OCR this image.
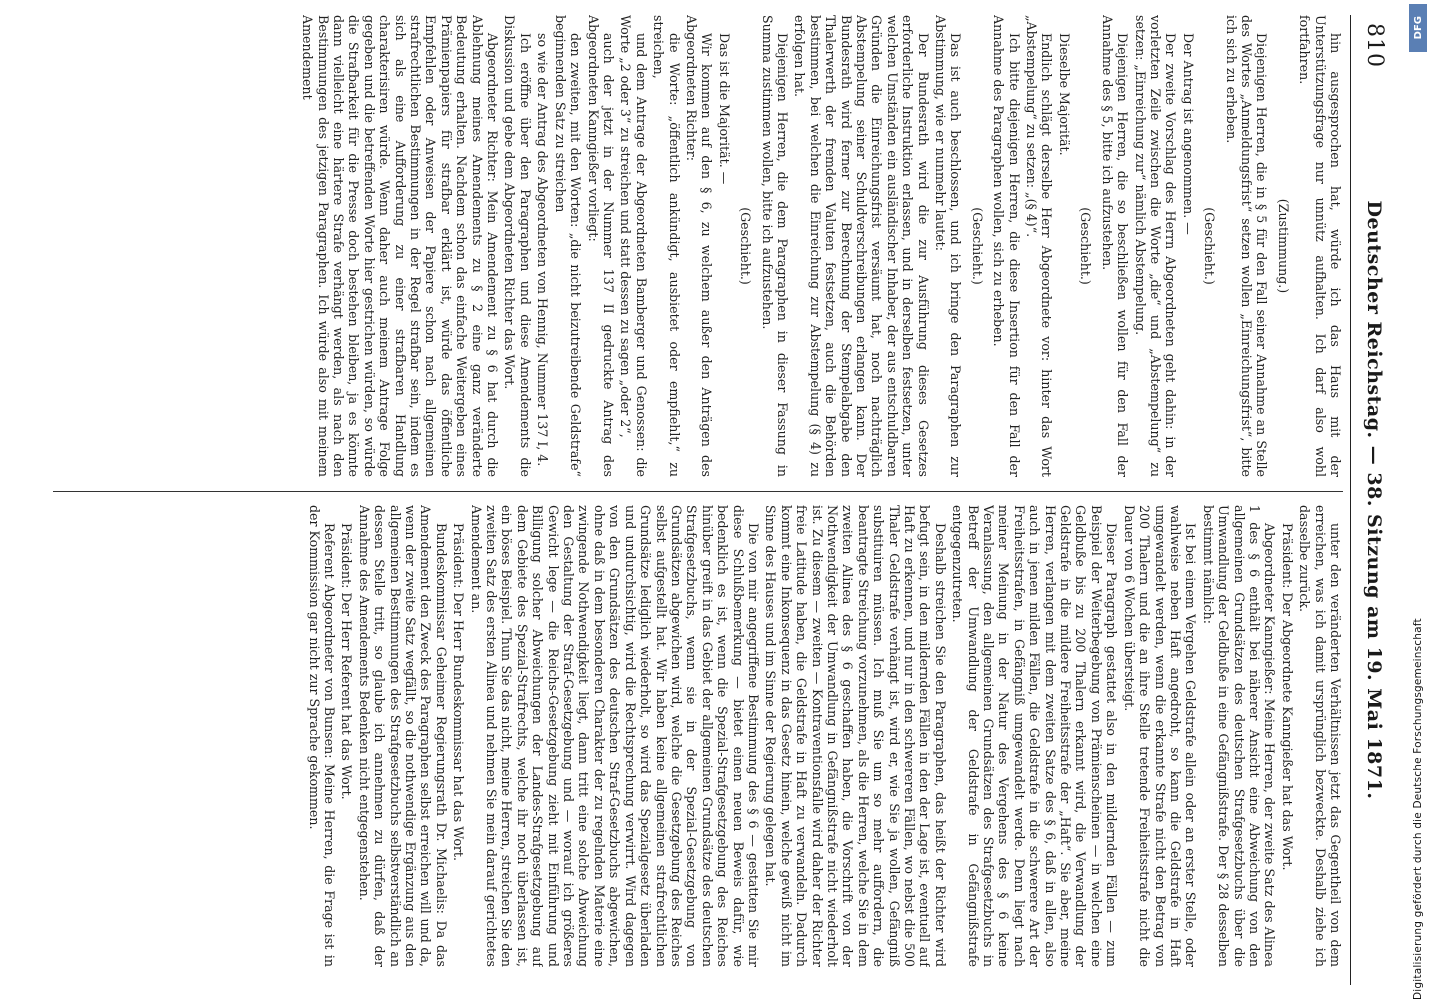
810
Deutscher Reichstag. — 38. Sitzung am 19. Mai 1871.

hin ausgesprochen hat, würde ich das Haus mit der Unterstützungsfrage nur unnütz aufhalten. Ich darf also wohl fortfahren.

(Zustimmung.)

Diejenigen Herren, die in § 5 für den Fall seiner Annahme an Stelle des Wortes „Anmeldungsfrist“ setzen wollen „Einreichungsfrist“, bitte ich sich zu erheben.

(Geschieht.)

Der Antrag ist angenommen. —

Der zweite Vorschlag des Herrn Abgeordneten geht dahin: in der vorletzten Zeile zwischen die Worte „die“ und „Abstempelung“ zu setzen: „Einreichung zur“ nämlich Abstempelung.

Diejenigen Herren, die so beschließen wollen für den Fall der Annahme des § 5, bitte ich aufzustehen.

(Geschieht.)

Dieselbe Majorität.

Endlich schlägt derselbe Herr Abgeordnete vor: hinter das Wort „Abstempelung“ zu setzen: „(§ 4)“.

Ich bitte diejenigen Herren, die diese Insertion für den Fall der Annahme des Paragraphen wollen, sich zu erheben.

(Geschieht.)

Das ist auch beschlossen, und ich bringe den Paragraphen zur Abstimmung, wie er nunmehr lautet:

Der Bundesrath wird die zur Ausführung dieses Gesetzes erforderliche Instruktion erlassen, und in derselben festsetzen, unter welchen Umständen ein ausländischer Inhaber, der aus entschuldbaren Gründen die Einreichungsfrist versäumt hat, noch nachträglich Abstempelung seiner Schuldverschreibungen erlangen kann. Der Bundesrath wird ferner zur Berechnung der Stempelabgabe den Thalerwerth der fremden Valuten festsetzen, auch die Behörden bestimmen, bei welchen die Einreichung zur Abstempelung (§ 4) zu erfolgen hat.

Diejenigen Herren, die dem Paragraphen in dieser Fassung in Summa zustimmen wollen, bitte ich aufzustehen.

(Geschieht.)

Das ist die Majorität. —

Wir kommen auf den § 6, zu welchem außer den Anträgen des Abgeordneten Richter:

die Worte: „öffentlich ankündigt, ausbietet oder empfiehlt,“ zu streichen,

und dem Antrage der Abgeordneten Bamberger und Genossen: die Worte „2 oder 3“ zu streichen und statt dessen zu sagen „oder 2“,

auch der jetzt in der Nummer 137 II gedruckte Antrag des Abgeordneten Kanngießer vorliegt:

den zweiten, mit den Worten: „die nicht beizutreibende Geldstrafe“ beginnenden Satz zu streichen

so wie der Antrag des Abgeordneten von Hennig, Nummer 137 I, 4.

Ich eröffne über den Paragraphen und diese Amendements die Diskussion und gebe dem Abgeordneten Richter das Wort.

Abgeordneter Richter: Mein Amendement zu § 6 hat durch die Ablehnung meines Amendements zu § 2 eine ganz veränderte Bedeutung erhalten. Nachdem schon das einfache Weitergeben eines Prämienpapiers für strafbar erklärt ist, würde das öffentliche Empfehlen oder Anweisen der Papiere schon nach allgemeinen strafrechtlichen Bestimmungen in der Regel strafbar sein, indem es sich als eine Aufforderung zu einer strafbaren Handlung charakterisiren würde. Wenn daher auch meinem Antrage Folge gegeben und die betreffenden Worte hier gestrichen würden, so würde die Strafbarkeit für die Presse doch bestehen bleiben, ja es könnte dann vielleicht eine härtere Strafe verhängt werden, als nach den Bestimmungen des jetzigen Paragraphen. Ich würde also mit meinem Amendement

unter den veränderten Verhältnissen jetzt das Gegentheil von dem erreichen, was ich damit ursprünglich bezweckte. Deshalb ziehe ich dasselbe zurück.

Präsident: Der Abgeordnete Kanngießer hat das Wort.

Abgeordneter Kanngießer: Meine Herren, der zweite Satz des Alinea 1 des § 6 enthält bei näherer Ansicht eine Abweichung von den allgemeinen Grundsätzen des deutschen Strafgesetzbuchs über die Umwandlung der Geldbuße in eine Gefängnißstrafe. Der § 28 desselben bestimmt nämlich:

Ist bei einem Vergehen Geldstrafe allein oder an erster Stelle, oder wahlweise neben Haft angedroht, so kann die Geldstrafe in Haft umgewandelt werden, wenn die erkannte Strafe nicht den Betrag von 200 Thalern und die an ihre Stelle tretende Freiheitsstrafe nicht die Dauer von 6 Wochen übersteigt.

Dieser Paragraph gestattet also in den mildernden Fällen — zum Beispiel der Weiterbegebung von Prämienscheinen — in welchen eine Geldbuße bis zu 200 Thalern erkannt wird, die Verwandlung der Geldstrafe in die mildere Freiheitsstrafe der „Haft“. Sie aber, meine Herren, verlangen mit dem zweiten Satze des § 6, daß in allen, also auch in jenen milden Fällen, die Geldstrafe in die schwerere Art der Freiheitsstrafen, in Gefängniß umgewandelt werde. Denn liegt nach meiner Meinung in der Natur des Vergehens des § 6 keine Veranlassung, den allgemeinen Grundsätzen des Strafgesetzbuchs in Betreff der Umwandlung der Geldstrafe in Gefängnißstrafe entgegenzutreten.

Deshalb streichen Sie den Paragraphen, das heißt der Richter wird befugt sein, in den mildernden Fällen in den der Lage ist, eventuell auf Haft zu erkennen, und nur in den schwereren Fällen, wo nebst die 500 Thaler Geldstrafe verhängt ist, wird er, wie Sie ja wollen, Gefängniß substituiren müssen. Ich muß Sie um so mehr auffordern, die beantragte Streichung vorzunehmen, als die Herren, welche Sie in dem zweiten Alinea des § 6 geschaffen haben, die Vorschrift von der Nothwendigkeit der Umwandlung in Gefängnißstrafe nicht wiederholt ist. Zu diesem — zweiten — Kontraventionsfalle wird daher der Richter freie Latitude haben, die Geldstrafe in Haft zu verwandeln. Dadurch kommt eine Inkonsequenz in das Gesetz hinein, welche gewiß nicht im Sinne des Hauses und im Sinne der Regierung gelegen hat.

Die von mir angegriffene Bestimmung des § 6 — gestatten Sie mir diese Schlußbemerkung — bietet einen neuen Beweis dafür, wie bedenklich es ist, wenn die Spezial-Strafgesetzgebung des Reiches hinüber greift in das Gebiet der allgemeinen Grundsätze des deutschen Strafgesetzbuchs, wenn sie in der Spezial-Gesetzgebung von Grundsätzen abgewichen wird, welche die Gesetzgebung des Reiches selbst aufgestellt hat. Wir haben keine allgemeinen strafrechtlichen Grundsätze lediglich wiederholt, so wird das Spezialgesetz überladen und undurchsichtig, wird die Rechtsprechung verwirrt. Wird dagegen von den Grundsätzen des deutschen Straf-Gesetzbuchs abgewichen, ohne daß in dem besonderen Charakter der zu regelnden Materie eine zwingende Nothwendigkeit liegt, dann tritt eine solche Abweichung den Gestaltung der Straf-Gesetzgebung und — worauf ich größeres Gewicht lege — die Reichs-Gesetzgebung zieht mit Einführung und Billigung solcher Abweichungen der Landes-Strafgesetzgebung auf dem Gebiete des Spezial-Strafrechts, welche ihr noch überlassen ist, ein böses Beispiel. Thun Sie das nicht, meine Herren, streichen Sie den zweiten Satz des ersten Alinea und nehmen Sie mein darauf gerichtetes Amendement an.

Präsident: Der Herr Bundeskommissar hat das Wort.

Bundeskommissar Geheimer Regierungsrath Dr. Michaelis: Da das Amendement den Zweck des Paragraphen selbst erreichen will und da, wenn der zweite Satz wegfällt, so die nothwendige Ergänzung aus den allgemeinen Bestimmungen des Strafgesetzbuchs selbstverständlich an dessen Stelle tritt, so glaube ich annehmen zu dürfen, daß der Annahme des Amendements Bedenken nicht entgegenstehen.

Präsident: Der Herr Referent hat das Wort.

Referent Abgeordneter von Bunsen: Meine Herren, die Frage ist in der Kommission gar nicht zur Sprache gekommen.

DFG
Digitalisierung gefördert durch die Deutsche Forschungsgemeinschaft
